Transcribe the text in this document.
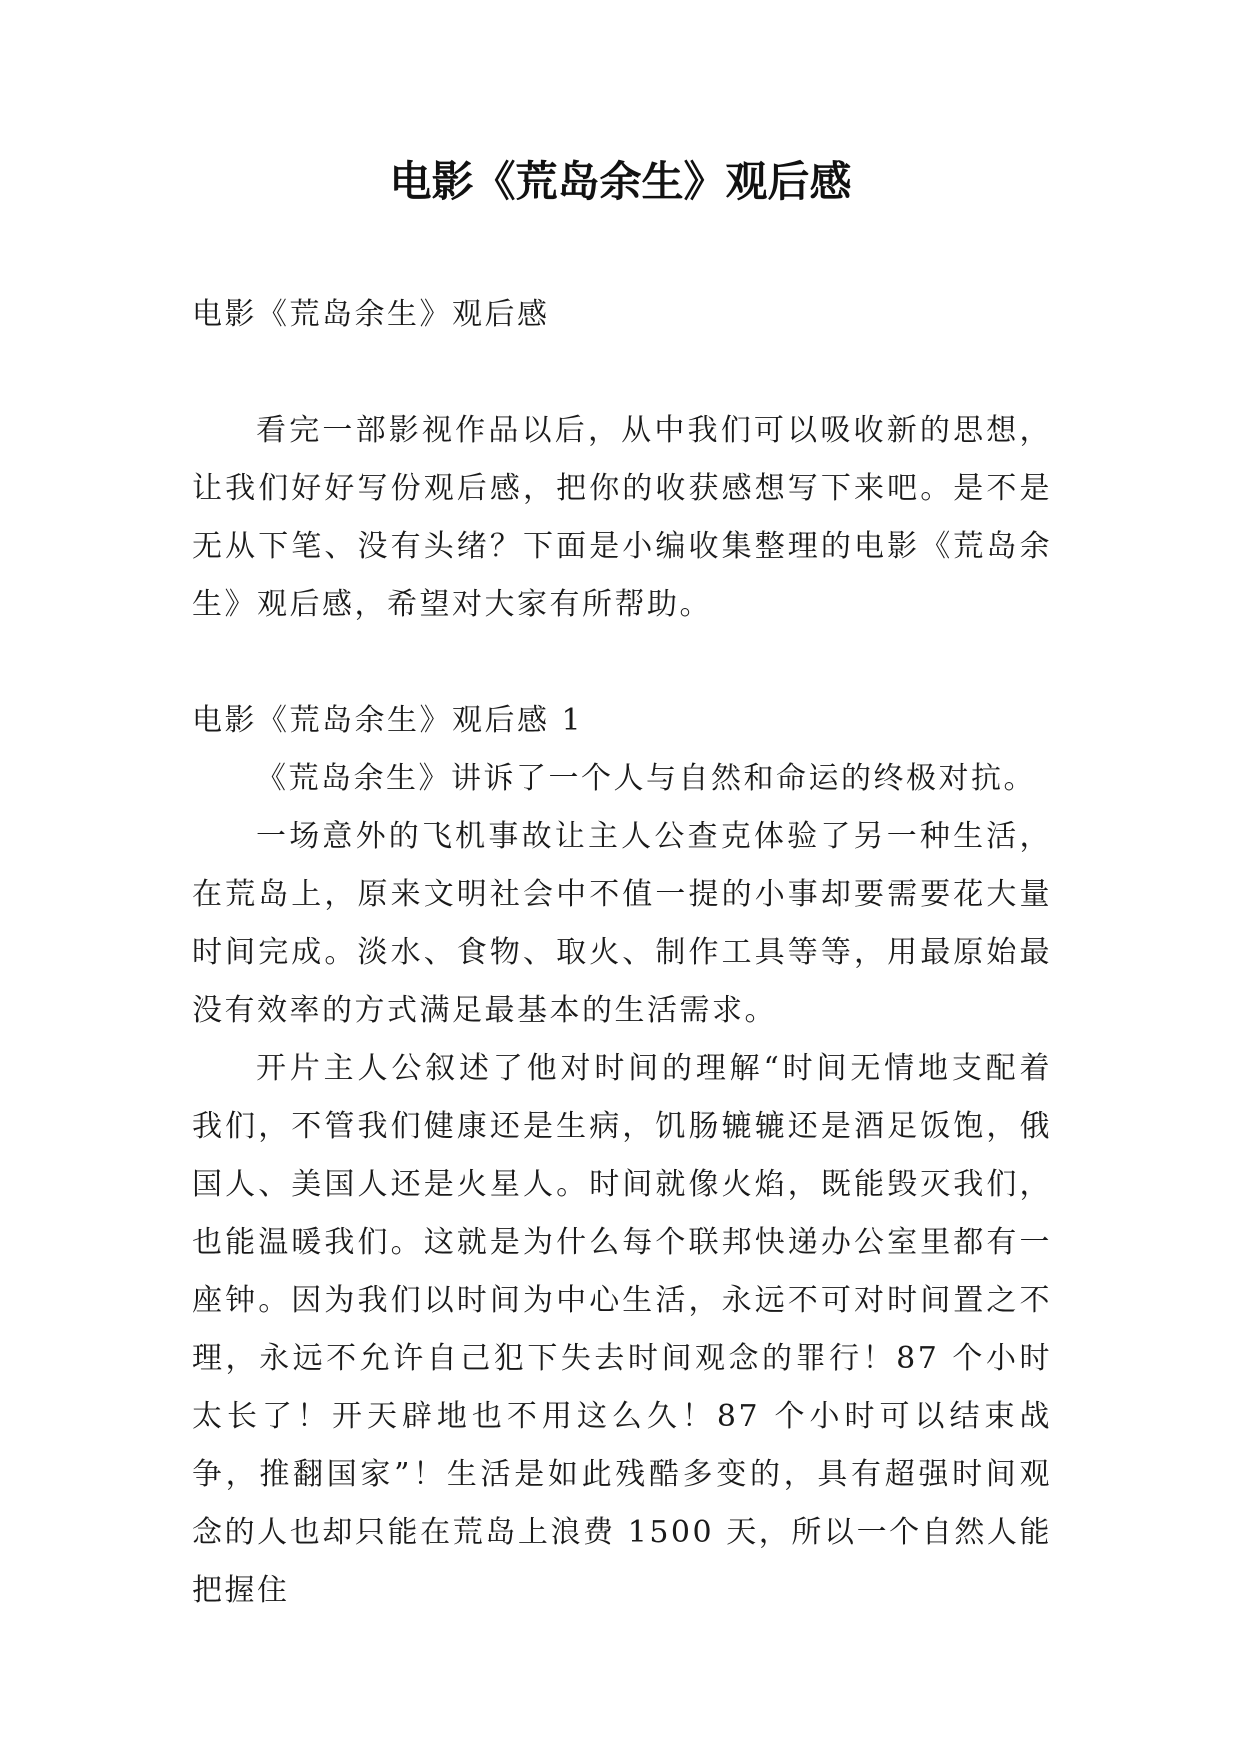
电影《荒岛余生》观后感

电影《荒岛余生》观后感

看完一部影视作品以后，从中我们可以吸收新的思想，让我们好好写份观后感，把你的收获感想写下来吧。是不是无从下笔、没有头绪？下面是小编收集整理的电影《荒岛余生》观后感，希望对大家有所帮助。

电影《荒岛余生》观后感 1

《荒岛余生》讲诉了一个人与自然和命运的终极对抗。

一场意外的飞机事故让主人公查克体验了另一种生活，在荒岛上，原来文明社会中不值一提的小事却要需要花大量时间完成。淡水、食物、取火、制作工具等等，用最原始最没有效率的方式满足最基本的生活需求。

开片主人公叙述了他对时间的理解“时间无情地支配着我们，不管我们健康还是生病，饥肠辘辘还是酒足饭饱，俄国人、美国人还是火星人。时间就像火焰，既能毁灭我们，也能温暖我们。这就是为什么每个联邦快递办公室里都有一座钟。因为我们以时间为中心生活，永远不可对时间置之不理，永远不允许自己犯下失去时间观念的罪行！87 个小时太长了！开天辟地也不用这么久！87 个小时可以结束战争，推翻国家”！生活是如此残酷多变的，具有超强时间观念的人也却只能在荒岛上浪费 1500 天，所以一个自然人能把握住
